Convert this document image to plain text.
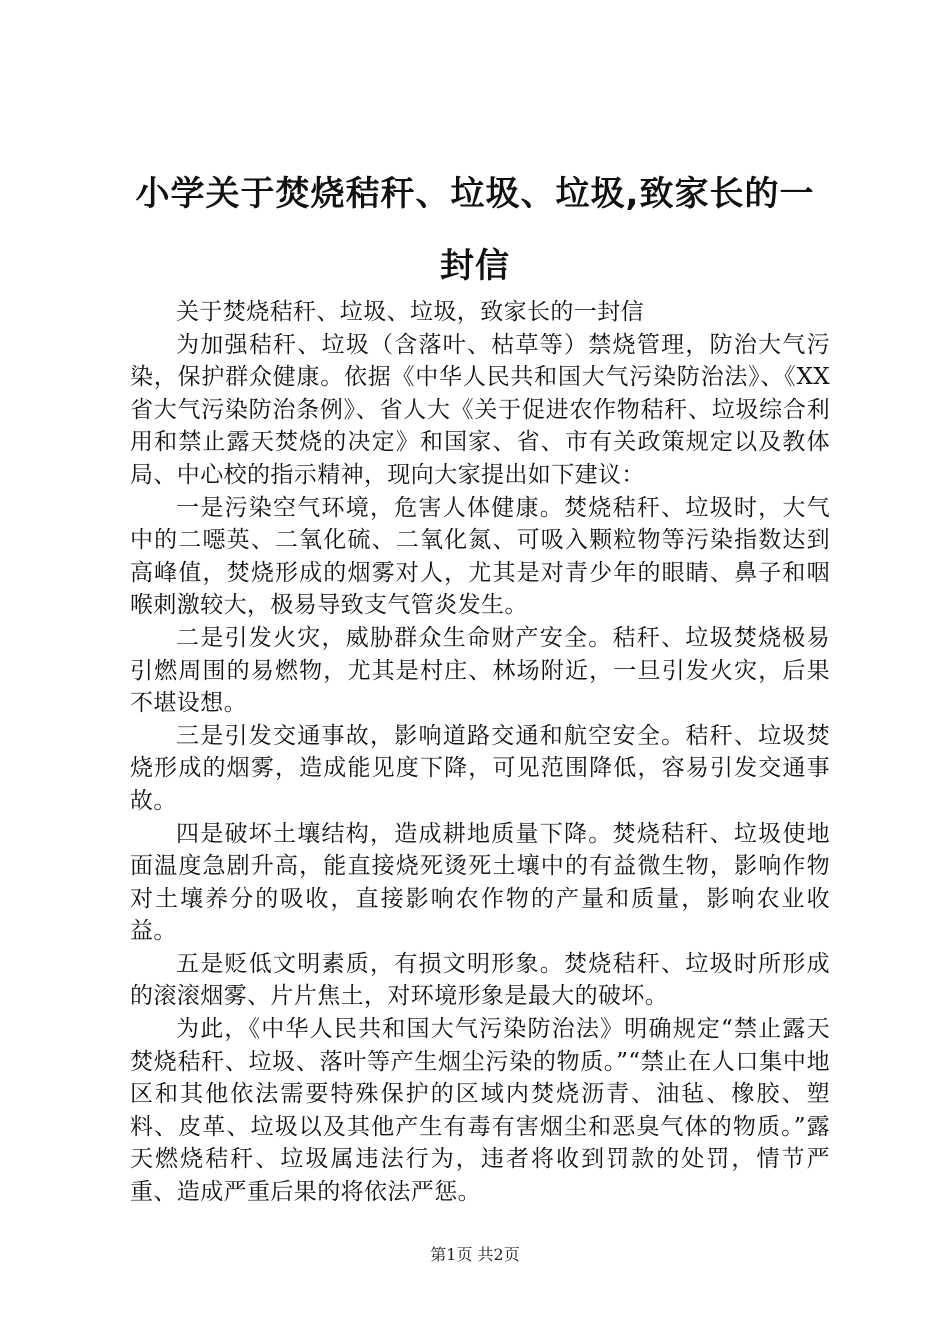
小学关于焚烧秸秆、垃圾、垃圾,致家长的一
封信

关于焚烧秸秆、垃圾、垃圾，致家长的一封信

为加强秸秆、垃圾（含落叶、枯草等）禁烧管理，防治大气污染，保护群众健康。依据《中华人民共和国大气污染防治法》、《XX省大气污染防治条例》、省人大《关于促进农作物秸秆、垃圾综合利用和禁止露天焚烧的决定》和国家、省、市有关政策规定以及教体局、中心校的指示精神，现向大家提出如下建议：

一是污染空气环境，危害人体健康。焚烧秸秆、垃圾时，大气中的二噁英、二氧化硫、二氧化氮、可吸入颗粒物等污染指数达到高峰值，焚烧形成的烟雾对人，尤其是对青少年的眼睛、鼻子和咽喉刺激较大，极易导致支气管炎发生。

二是引发火灾，威胁群众生命财产安全。秸秆、垃圾焚烧极易引燃周围的易燃物，尤其是村庄、林场附近，一旦引发火灾，后果不堪设想。

三是引发交通事故，影响道路交通和航空安全。秸秆、垃圾焚烧形成的烟雾，造成能见度下降，可见范围降低，容易引发交通事故。

四是破坏土壤结构，造成耕地质量下降。焚烧秸秆、垃圾使地面温度急剧升高，能直接烧死烫死土壤中的有益微生物，影响作物对土壤养分的吸收，直接影响农作物的产量和质量，影响农业收益。

五是贬低文明素质，有损文明形象。焚烧秸秆、垃圾时所形成的滚滚烟雾、片片焦土，对环境形象是最大的破坏。

为此，《中华人民共和国大气污染防治法》明确规定“禁止露天焚烧秸秆、垃圾、落叶等产生烟尘污染的物质。”“禁止在人口集中地区和其他依法需要特殊保护的区域内焚烧沥青、油毡、橡胶、塑料、皮革、垃圾以及其他产生有毒有害烟尘和恶臭气体的物质。”露天燃烧秸秆、垃圾属违法行为，违者将收到罚款的处罚，情节严重、造成严重后果的将依法严惩。

第1页 共2页
